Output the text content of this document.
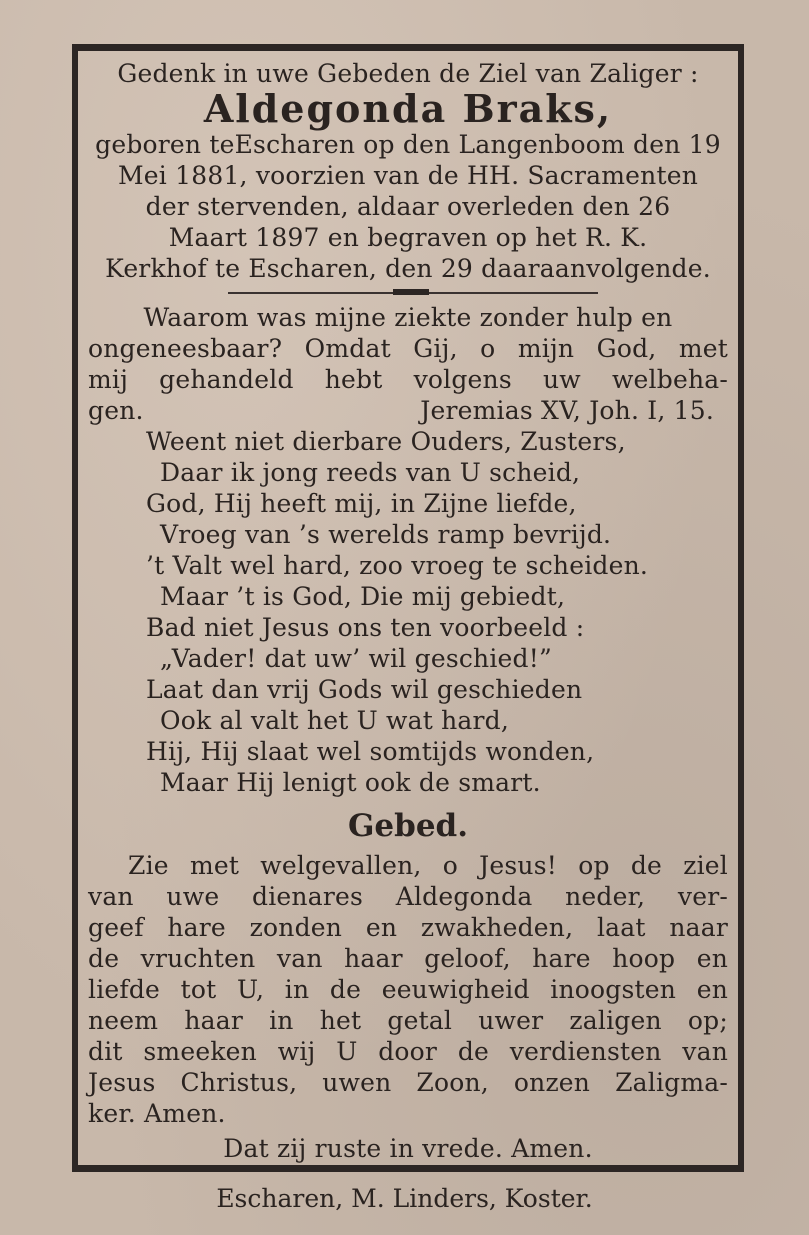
Gedenk in uwe Gebeden de Ziel van Zaliger :
Aldegonda Braks,
geboren teEscharen op den Langenboom den 19
Mei 1881, voorzien van de HH. Sacramenten
der stervenden, aldaar overleden den 26
Maart 1897 en begraven op het R. K.
Kerkhof te Escharen, den 29 daaraanvolgende.
Waarom was mijne ziekte zonder hulp en
ongeneesbaar? Omdat Gij, o mijn God, met
mij gehandeld hebt volgens uw welbeha-
gen.	Jeremias XV, Joh. I, 15.
Weent niet dierbare Ouders, Zusters,
Daar ik jong reeds van U scheid,
God, Hij heeft mij, in Zijne liefde,
Vroeg van ’s werelds ramp bevrijd.
’t Valt wel hard, zoo vroeg te scheiden.
Maar ’t is God, Die mij gebiedt,
Bad niet Jesus ons ten voorbeeld :
„Vader! dat uw’ wil geschied!”
Laat dan vrij Gods wil geschieden
Ook al valt het U wat hard,
Hij, Hij slaat wel somtijds wonden,
Maar Hij lenigt ook de smart.
Gebed.
Zie met welgevallen, o Jesus! op de ziel
van uwe dienares Aldegonda neder, ver-
geef hare zonden en zwakheden, laat naar
de vruchten van haar geloof, hare hoop en
liefde tot U, in de eeuwigheid inoogsten en
neem haar in het getal uwer zaligen op;
dit smeeken wij U door de verdiensten van
Jesus Christus, uwen Zoon, onzen Zaligma-
ker. Amen.
Dat zij ruste in vrede. Amen.
Escharen, M. Linders, Koster.
